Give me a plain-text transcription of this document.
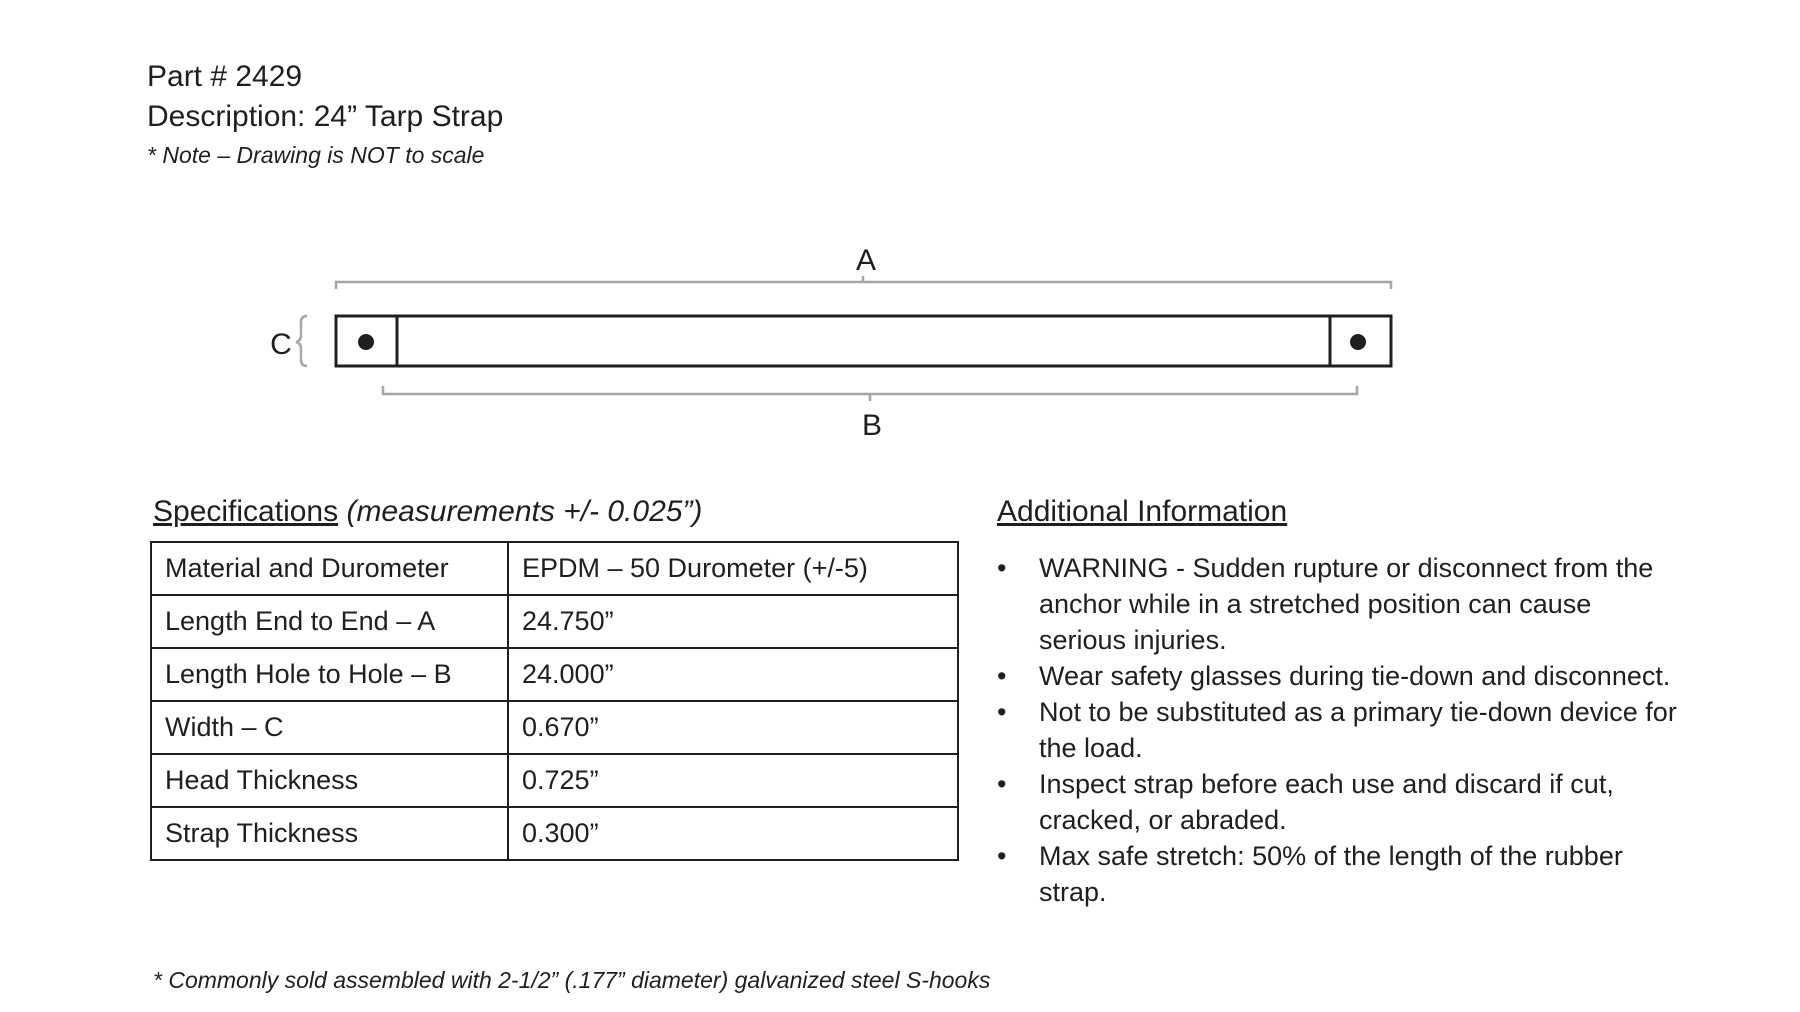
Part # 2429
Description: 24” Tarp Strap
* Note – Drawing is NOT to scale
A
B
C
Specifications (measurements +/- 0.025”)
Material and Durometer	EPDM – 50 Durometer (+/-5)
Length End to End – A	24.750”
Length Hole to Hole – B	24.000”
Width – C	0.670”
Head Thickness	0.725”
Strap Thickness	0.300”
Additional Information
• WARNING - Sudden rupture or disconnect from the anchor while in a stretched position can cause serious injuries.
• Wear safety glasses during tie-down and disconnect.
• Not to be substituted as a primary tie-down device for the load.
• Inspect strap before each use and discard if cut, cracked, or abraded.
• Max safe stretch: 50% of the length of the rubber strap.
* Commonly sold assembled with 2-1/2” (.177” diameter) galvanized steel S-hooks
